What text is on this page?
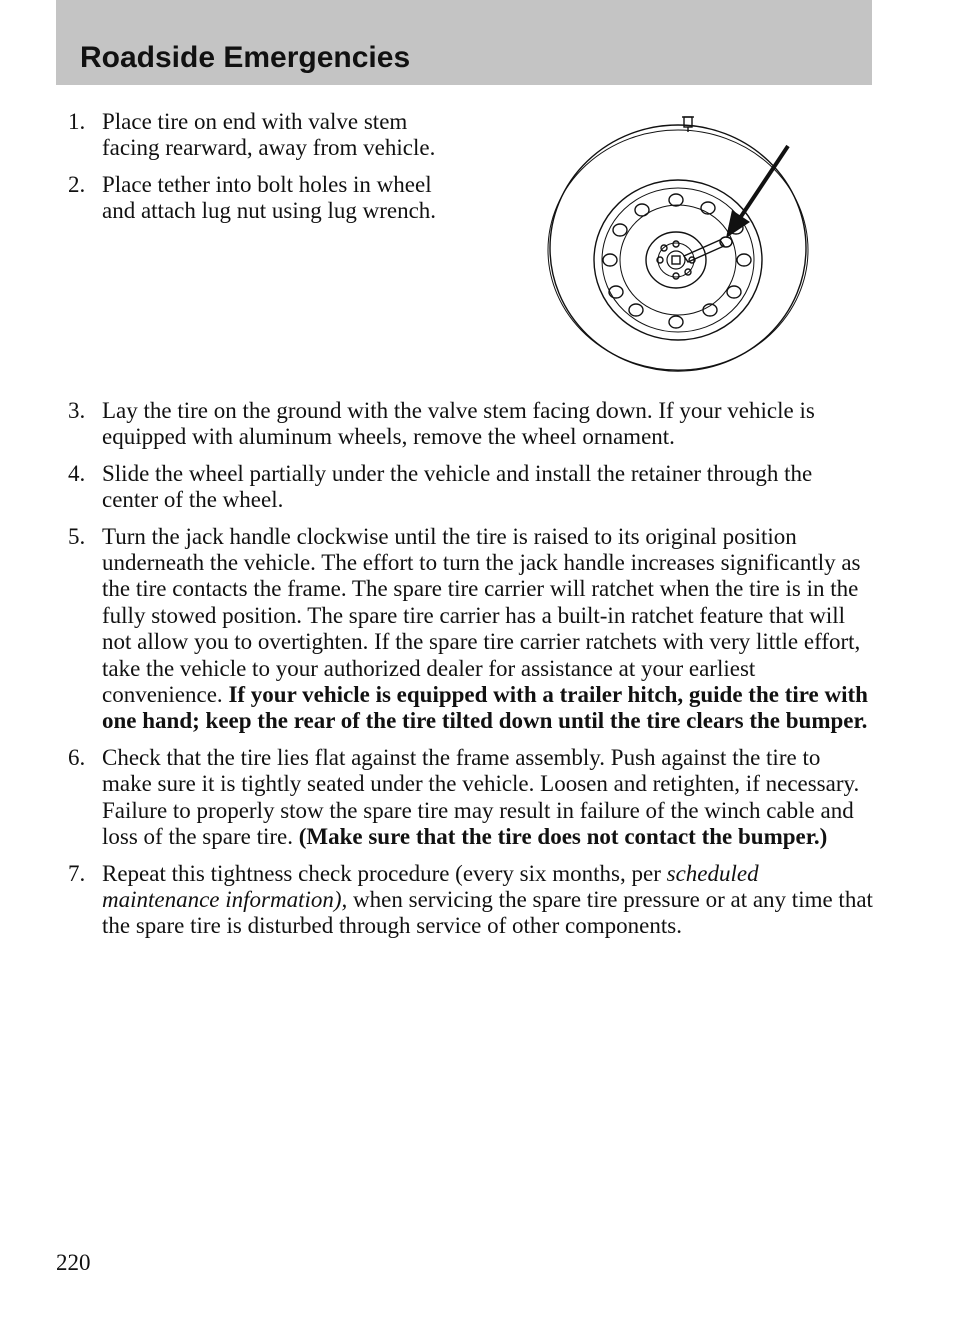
Roadside Emergencies
1. Place tire on end with valve stem facing rearward, away from vehicle.
2. Place tether into bolt holes in wheel and attach lug nut using lug wrench.
3. Lay the tire on the ground with the valve stem facing down. If your vehicle is equipped with aluminum wheels, remove the wheel ornament.
4. Slide the wheel partially under the vehicle and install the retainer through the center of the wheel.
5. Turn the jack handle clockwise until the tire is raised to its original position underneath the vehicle. The effort to turn the jack handle increases significantly as the tire contacts the frame. The spare tire carrier will ratchet when the tire is in the fully stowed position. The spare tire carrier has a built-in ratchet feature that will not allow you to overtighten. If the spare tire carrier ratchets with very little effort, take the vehicle to your authorized dealer for assistance at your earliest convenience. If your vehicle is equipped with a trailer hitch, guide the tire with one hand; keep the rear of the tire tilted down until the tire clears the bumper.
6. Check that the tire lies flat against the frame assembly. Push against the tire to make sure it is tightly seated under the vehicle. Loosen and retighten, if necessary. Failure to properly stow the spare tire may result in failure of the winch cable and loss of the spare tire. (Make sure that the tire does not contact the bumper.)
7. Repeat this tightness check procedure (every six months, per scheduled maintenance information), when servicing the spare tire pressure or at any time that the spare tire is disturbed through service of other components.
220
